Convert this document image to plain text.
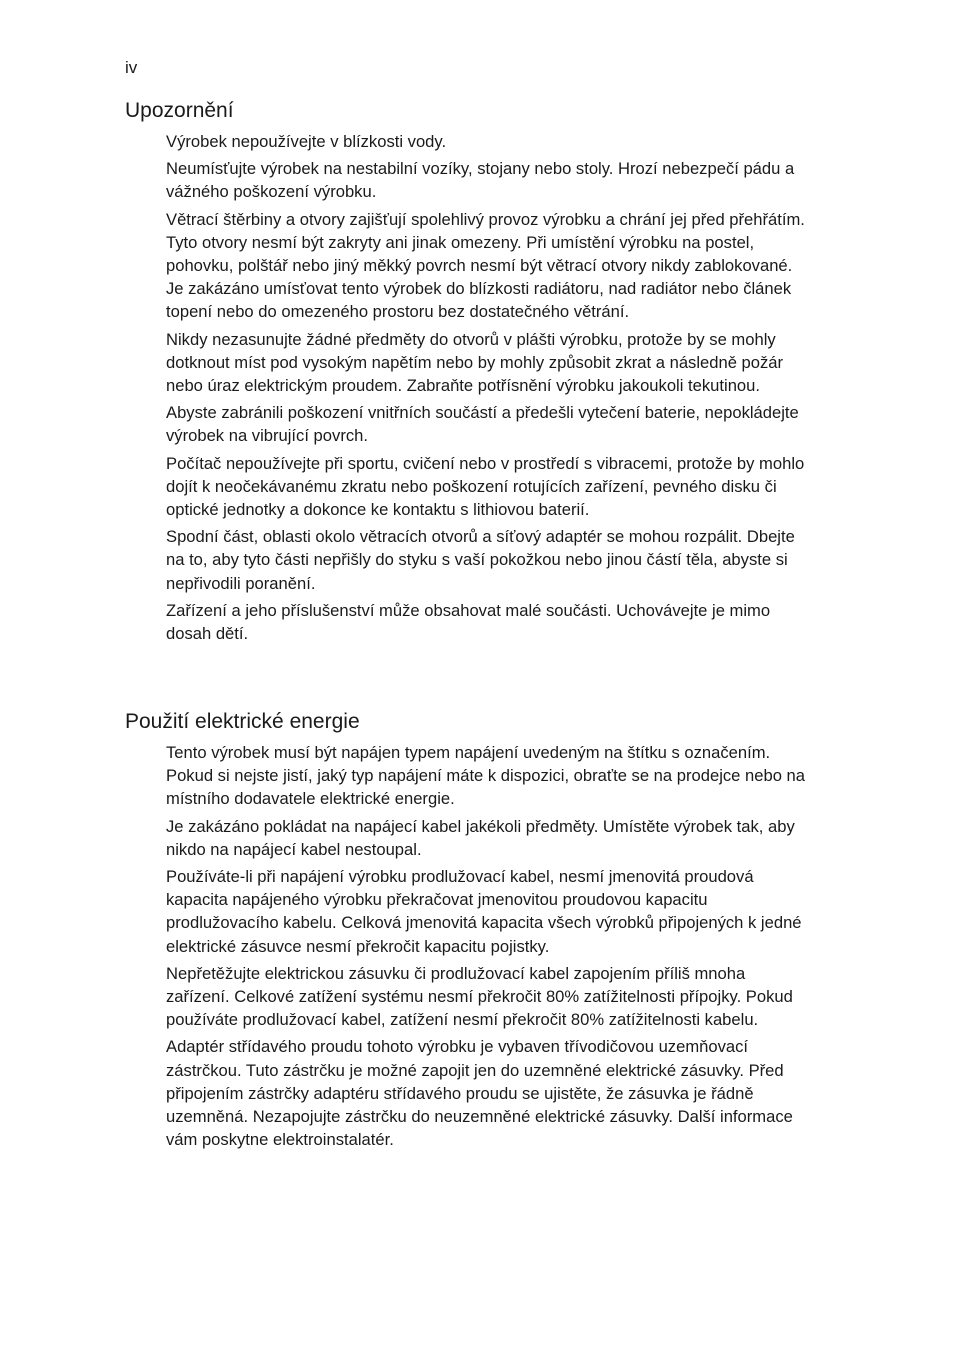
iv
Upozornění

Výrobek nepoužívejte v blízkosti vody.

Neumísťujte výrobek na nestabilní vozíky, stojany nebo stoly. Hrozí nebezpečí pádu a vážného poškození výrobku.

Větrací štěrbiny a otvory zajišťují spolehlivý provoz výrobku a chrání jej před přehřátím. Tyto otvory nesmí být zakryty ani jinak omezeny. Při umístění výrobku na postel, pohovku, polštář nebo jiný měkký povrch nesmí být větrací otvory nikdy zablokované. Je zakázáno umísťovat tento výrobek do blízkosti radiátoru, nad radiátor nebo článek topení nebo do omezeného prostoru bez dostatečného větrání.

Nikdy nezasunujte žádné předměty do otvorů v plášti výrobku, protože by se mohly dotknout míst pod vysokým napětím nebo by mohly způsobit zkrat a následně požár nebo úraz elektrickým proudem. Zabraňte potřísnění výrobku jakoukoli tekutinou.

Abyste zabránili poškození vnitřních součástí a předešli vytečení baterie, nepokládejte výrobek na vibrující povrch.

Počítač nepoužívejte při sportu, cvičení nebo v prostředí s vibracemi, protože by mohlo dojít k neočekávanému zkratu nebo poškození rotujících zařízení, pevného disku či optické jednotky a dokonce ke kontaktu s lithiovou baterií.

Spodní část, oblasti okolo větracích otvorů a síťový adaptér se mohou rozpálit. Dbejte na to, aby tyto části nepřišly do styku s vaší pokožkou nebo jinou částí těla, abyste si nepřivodili poranění.

Zařízení a jeho příslušenství může obsahovat malé součásti. Uchovávejte je mimo dosah dětí.

Použití elektrické energie

Tento výrobek musí být napájen typem napájení uvedeným na štítku s označením. Pokud si nejste jistí, jaký typ napájení máte k dispozici, obraťte se na prodejce nebo na místního dodavatele elektrické energie.

Je zakázáno pokládat na napájecí kabel jakékoli předměty. Umístěte výrobek tak, aby nikdo na napájecí kabel nestoupal.

Používáte-li při napájení výrobku prodlužovací kabel, nesmí jmenovitá proudová kapacita napájeného výrobku překračovat jmenovitou proudovou kapacitu prodlužovacího kabelu. Celková jmenovitá kapacita všech výrobků připojených k jedné elektrické zásuvce nesmí překročit kapacitu pojistky.

Nepřetěžujte elektrickou zásuvku či prodlužovací kabel zapojením příliš mnoha zařízení. Celkové zatížení systému nesmí překročit 80% zatížitelnosti přípojky. Pokud používáte prodlužovací kabel, zatížení nesmí překročit 80% zatížitelnosti kabelu.

Adaptér střídavého proudu tohoto výrobku je vybaven třívodičovou uzemňovací zástrčkou. Tuto zástrčku je možné zapojit jen do uzemněné elektrické zásuvky. Před připojením zástrčky adaptéru střídavého proudu se ujistěte, že zásuvka je řádně uzemněná. Nezapojujte zástrčku do neuzemněné elektrické zásuvky. Další informace vám poskytne elektroinstalatér.
